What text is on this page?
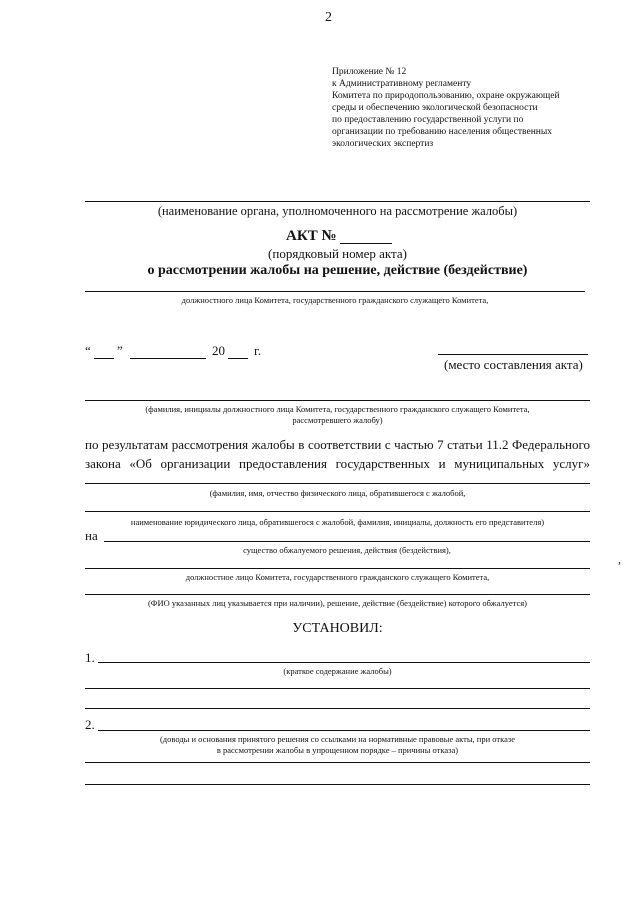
2
Приложение № 12
к Административному регламенту
Комитета по природопользованию, охране окружающей
среды и обеспечению экологической безопасности
по предоставлению государственной услуги по
организации по требованию населения общественных
экологических экспертиз
(наименование органа, уполномоченного на рассмотрение жалобы)
АКТ №
(порядковый номер акта)
о рассмотрении жалобы на решение, действие (бездействие)
должностного лица Комитета, государственного гражданского служащего Комитета,
“ ”	20 г.
(место составления акта)
(фамилия, инициалы должностного лица Комитета, государственного гражданского служащего Комитета,
рассмотревшего жалобу)
по результатам рассмотрения жалобы в соответствии с частью 7 статьи 11.2 Федерального
закона «Об организации предоставления государственных и муниципальных услуг»
(фамилия, имя, отчество физического лица, обратившегося с жалобой,
наименование юридического лица, обратившегося с жалобой, фамилия, инициалы, должность его представителя)
на
существо обжалуемого решения, действия (бездействия),
должностное лицо Комитета, государственного гражданского служащего Комитета,
(ФИО указанных лиц указывается при наличии), решение, действие (бездействие) которого обжалуется)
УСТАНОВИЛ:
1.
(краткое содержание жалобы)
2.
(доводы и основания принятого решения со ссылками на нормативные правовые акты, при отказе
в рассмотрении жалобы в упрощенном порядке – причины отказа)
,
